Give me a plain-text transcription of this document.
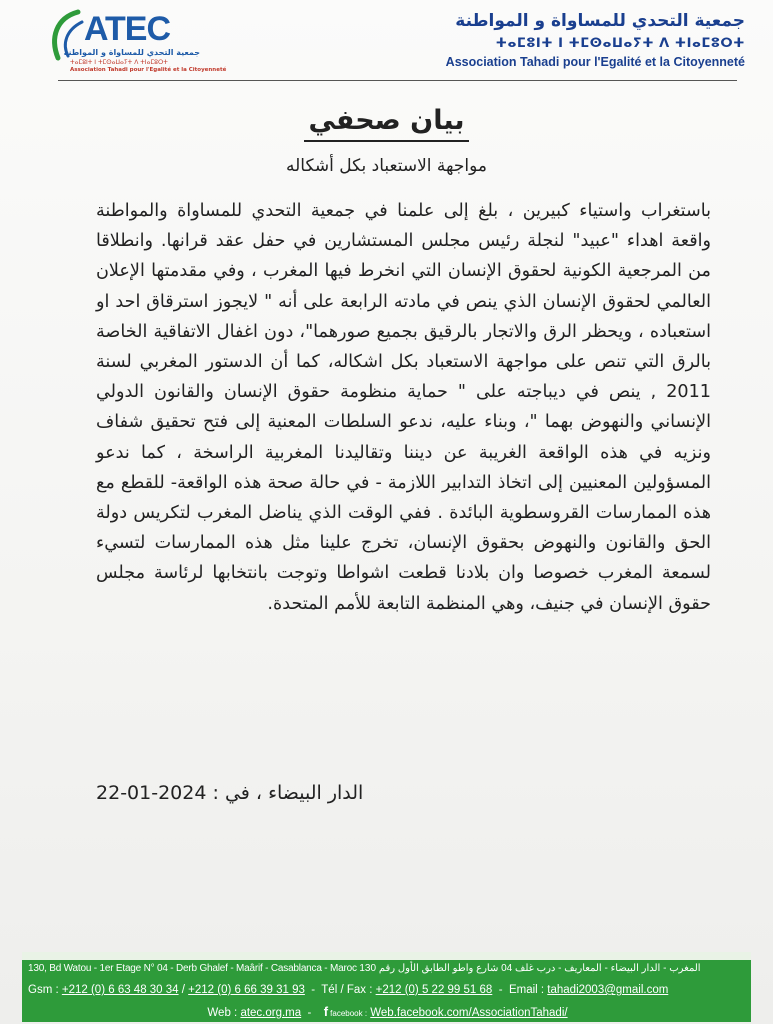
ATEC
جمعية التحدي للمساواة و المواطنة
ⵜⴰⵎⵓⵏⵜ ⵏ ⵜⵎⵙⴰⵡⴰⵢⵜ ⴷ ⵜⵏⴰⵎⵓⵔⵜ
Association Tahadi pour l'Egalité et la Citoyenneté
جمعية التحدي للمساواة و المواطنة
ⵜⴰⵎⵓⵏⵜ ⵏ ⵜⵎⵙⴰⵡⴰⵢⵜ ⴷ ⵜⵏⴰⵎⵓⵔⵜ
Association Tahadi pour l'Egalité et la Citoyenneté
بيان صحفي
مواجهة الاستعباد بكل أشكاله

باستغراب واستياء كبيرين ، بلغ إلى علمنا في جمعية التحدي للمساواة والمواطنة واقعة اهداء "عبيد" لنجلة رئيس مجلس المستشارين في حفل عقد قرانها. وانطلاقا من المرجعية الكونية لحقوق الإنسان التي انخرط فيها المغرب ، وفي مقدمتها الإعلان العالمي لحقوق الإنسان الذي ينص في مادته الرابعة على أنه " لايجوز استرقاق احد او استعباده ، ويحظر الرق والاتجار بالرقيق بجميع صورهما"، دون اغفال الاتفاقية الخاصة بالرق التي تنص على مواجهة الاستعباد بكل اشكاله، كما أن الدستور المغربي لسنة 2011 , ينص في ديباجته على " حماية منظومة حقوق الإنسان والقانون الدولي الإنساني والنهوض بهما "، وبناء عليه، ندعو السلطات المعنية إلى فتح تحقيق شفاف ونزيه في هذه الواقعة الغريبة عن ديننا وتقاليدنا المغربية الراسخة ، كما ندعو المسؤولين المعنيين إلى اتخاذ التدابير اللازمة - في حالة صحة هذه الواقعة- للقطع مع هذه الممارسات القروسطوية البائدة . ففي الوقت الذي يناضل المغرب لتكريس دولة الحق والقانون والنهوض بحقوق الإنسان، تخرج علينا مثل هذه الممارسات لتسيء لسمعة المغرب خصوصا وان بلادنا قطعت اشواطا وتوجت بانتخابها لرئاسة مجلس حقوق الإنسان في جنيف، وهي المنظمة التابعة للأمم المتحدة.

الدار البيضاء ، في : 2024-01-22
130, Bd Watou - 1er Etage N° 04 - Derb Ghalef - Maârif - Casablanca - Maroc المغرب - الدار البيضاء - المعاريف - درب غلف 04 شارع واطو الطابق الأول رقم 130
Gsm : +212 (0) 6 63 48 30 34 / +212 (0) 6 66 39 31 93  -  Tél / Fax : +212 (0) 5 22 99 51 68  -  Email : tahadi2003@gmail.com
Web : atec.org.ma  -  f facebook : Web.facebook.com/AssociationTahadi/
